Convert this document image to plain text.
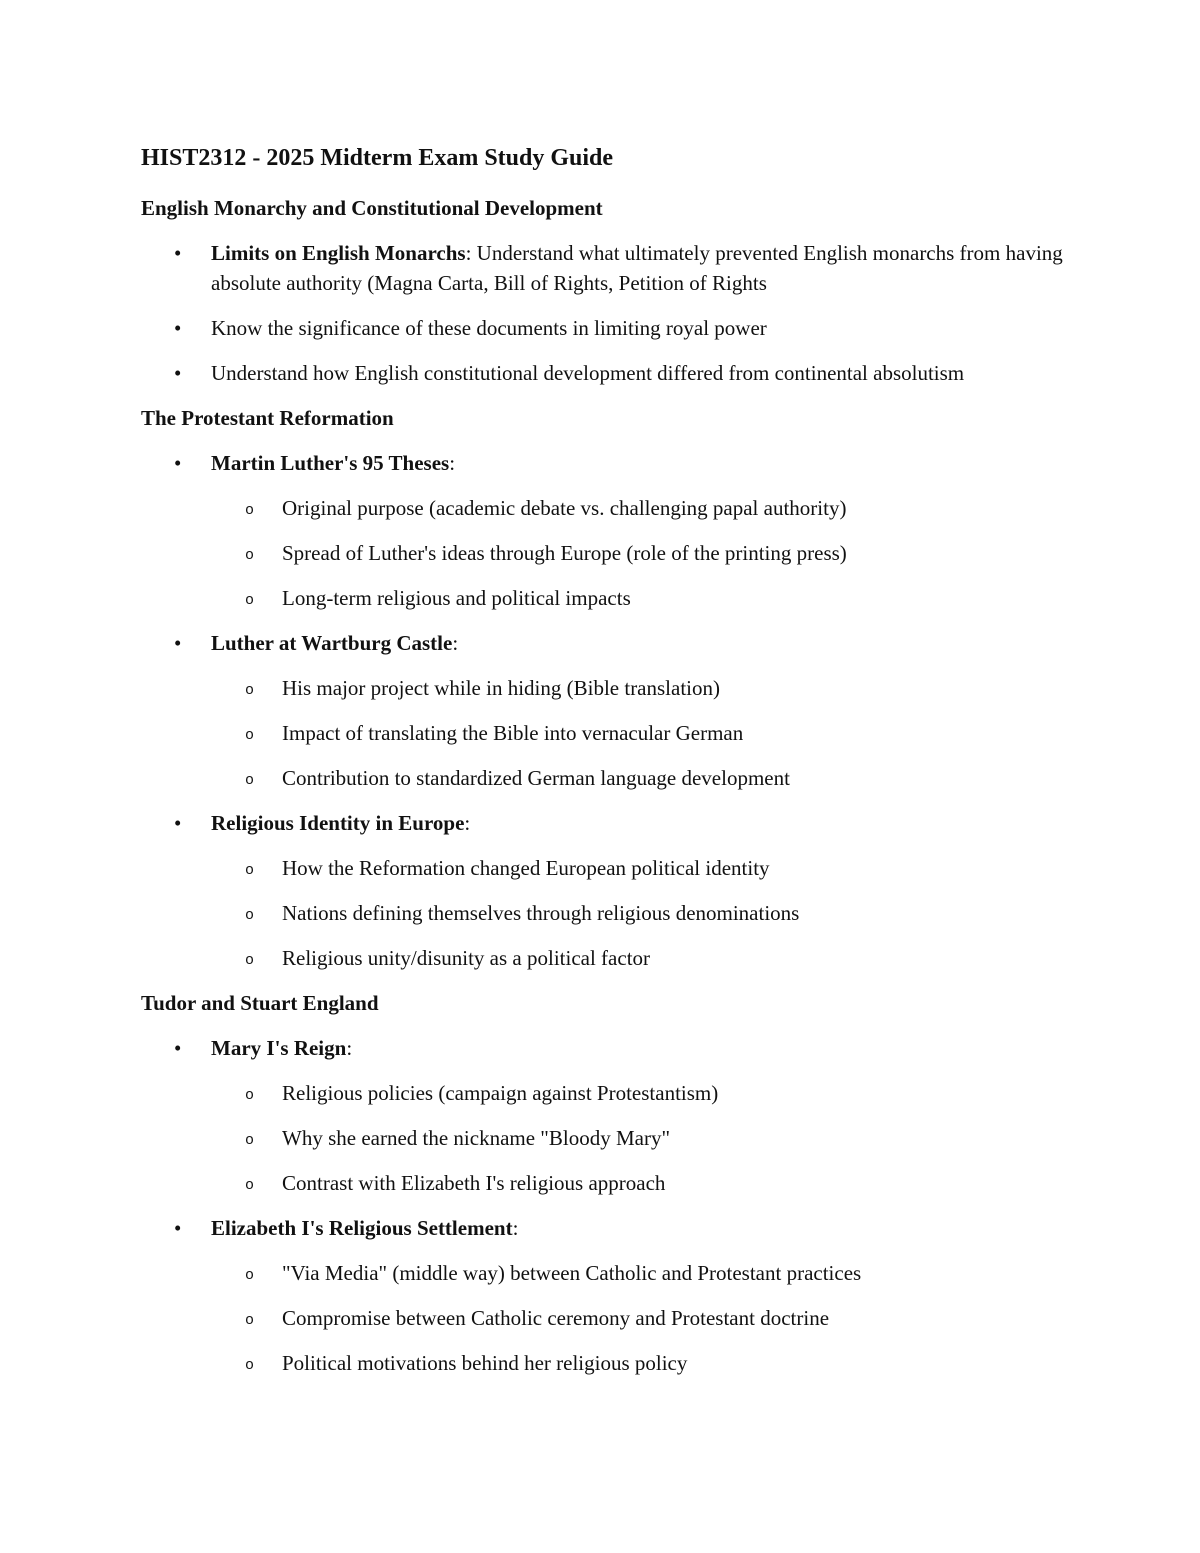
HIST2312 - 2025 Midterm Exam Study Guide
English Monarchy and Constitutional Development
• Limits on English Monarchs: Understand what ultimately prevented English monarchs from having absolute authority (Magna Carta, Bill of Rights, Petition of Rights
• Know the significance of these documents in limiting royal power
• Understand how English constitutional development differed from continental absolutism
The Protestant Reformation
• Martin Luther's 95 Theses:
o Original purpose (academic debate vs. challenging papal authority)
o Spread of Luther's ideas through Europe (role of the printing press)
o Long-term religious and political impacts
• Luther at Wartburg Castle:
o His major project while in hiding (Bible translation)
o Impact of translating the Bible into vernacular German
o Contribution to standardized German language development
• Religious Identity in Europe:
o How the Reformation changed European political identity
o Nations defining themselves through religious denominations
o Religious unity/disunity as a political factor
Tudor and Stuart England
• Mary I's Reign:
o Religious policies (campaign against Protestantism)
o Why she earned the nickname "Bloody Mary"
o Contrast with Elizabeth I's religious approach
• Elizabeth I's Religious Settlement:
o "Via Media" (middle way) between Catholic and Protestant practices
o Compromise between Catholic ceremony and Protestant doctrine
o Political motivations behind her religious policy
